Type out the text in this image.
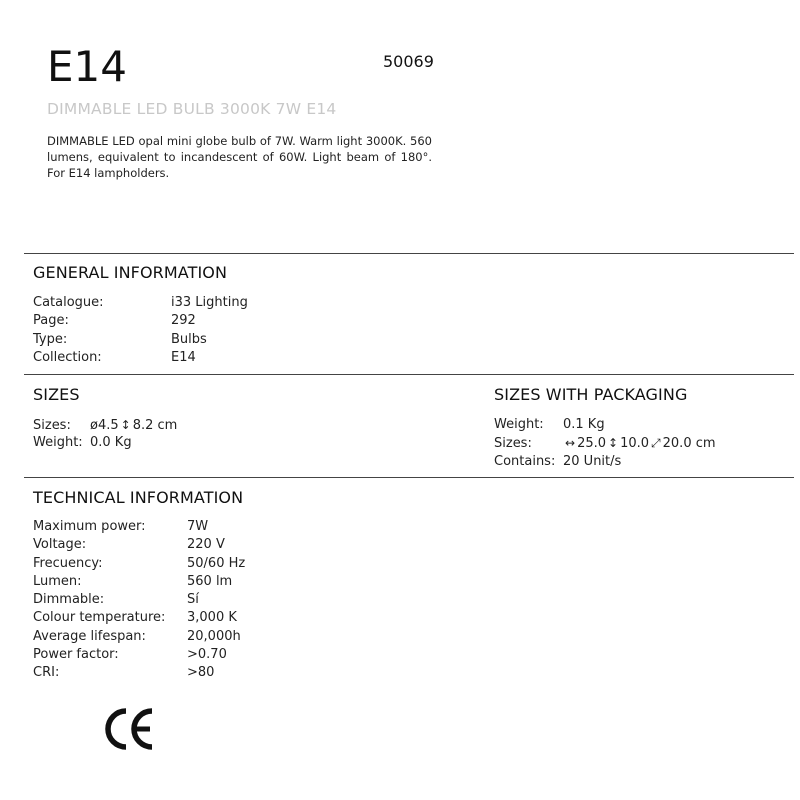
E14	50069
DIMMABLE LED BULB 3000K 7W E14
DIMMABLE LED opal mini globe bulb of 7W. Warm light 3000K. 560 lumens, equivalent to incandescent of 60W. Light beam of 180°. For E14 lampholders.
GENERAL INFORMATION
Catalogue:	i33 Lighting
Page:	292
Type:	Bulbs
Collection:	E14
SIZES
Sizes: ø4.5 ↕ 8.2 cm
Weight: 0.0 Kg
SIZES WITH PACKAGING
Weight: 0.1 Kg
Sizes:	↔ 25.0 ↕ 10.0 ⤢ 20.0 cm
Contains: 20 Unit/s
TECHNICAL INFORMATION
Maximum power:	7W
Voltage:	220 V
Frecuency:	50/60 Hz
Lumen:	560 lm
Dimmable:	Sí
Colour temperature: 3,000 K
Average lifespan:	20,000h
Power factor:	>0.70
CRI:	>80
